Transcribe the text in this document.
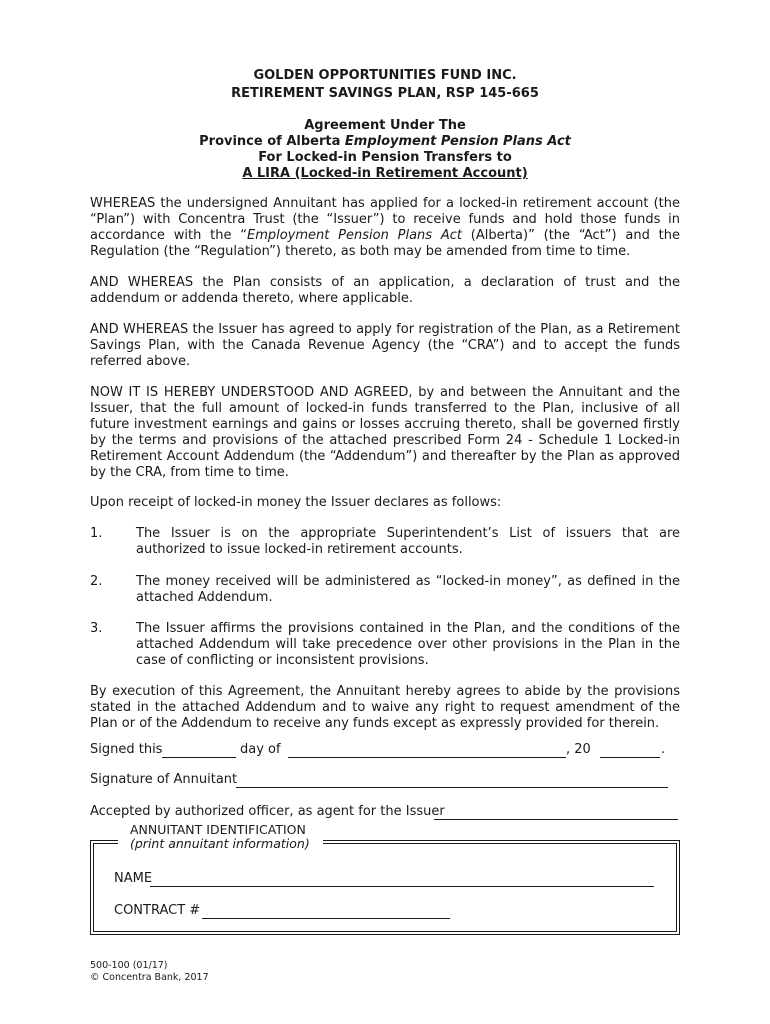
GOLDEN OPPORTUNITIES FUND INC.
RETIREMENT SAVINGS PLAN, RSP 145-665
Agreement Under The
Province of Alberta Employment Pension Plans Act
For Locked-in Pension Transfers to
A LIRA (Locked-in Retirement Account)
WHEREAS the undersigned Annuitant has applied for a locked-in retirement account (the “Plan”) with Concentra Trust (the “Issuer”) to receive funds and hold those funds in accordance with the “Employment Pension Plans Act (Alberta)” (the “Act”) and the Regulation (the “Regulation”) thereto, as both may be amended from time to time.
AND WHEREAS the Plan consists of an application, a declaration of trust and the addendum or addenda thereto, where applicable.
AND WHEREAS the Issuer has agreed to apply for registration of the Plan, as a Retirement Savings Plan, with the Canada Revenue Agency (the “CRA”) and to accept the funds referred above.
NOW IT IS HEREBY UNDERSTOOD AND AGREED, by and between the Annuitant and the Issuer, that the full amount of locked-in funds transferred to the Plan, inclusive of all future investment earnings and gains or losses accruing thereto, shall be governed firstly by the terms and provisions of the attached prescribed Form 24 - Schedule 1 Locked-in Retirement Account Addendum (the “Addendum”) and thereafter by the Plan as approved by the CRA, from time to time.
Upon receipt of locked-in money the Issuer declares as follows:
1.	The Issuer is on the appropriate Superintendent’s List of issuers that are authorized to issue locked-in retirement accounts.
2.	The money received will be administered as “locked-in money”, as defined in the attached Addendum.
3.	The Issuer affirms the provisions contained in the Plan, and the conditions of the attached Addendum will take precedence over other provisions in the Plan in the case of conflicting or inconsistent provisions.
By execution of this Agreement, the Annuitant hereby agrees to abide by the provisions stated in the attached Addendum and to waive any right to request amendment of the Plan or of the Addendum to receive any funds except as expressly provided for therein.
Signed this	day of	, 20	.
Signature of Annuitant
Accepted by authorized officer, as agent for the Issuer
ANNUITANT IDENTIFICATION
(print annuitant information)
NAME
CONTRACT #
500-100 (01/17)
© Concentra Bank, 2017
